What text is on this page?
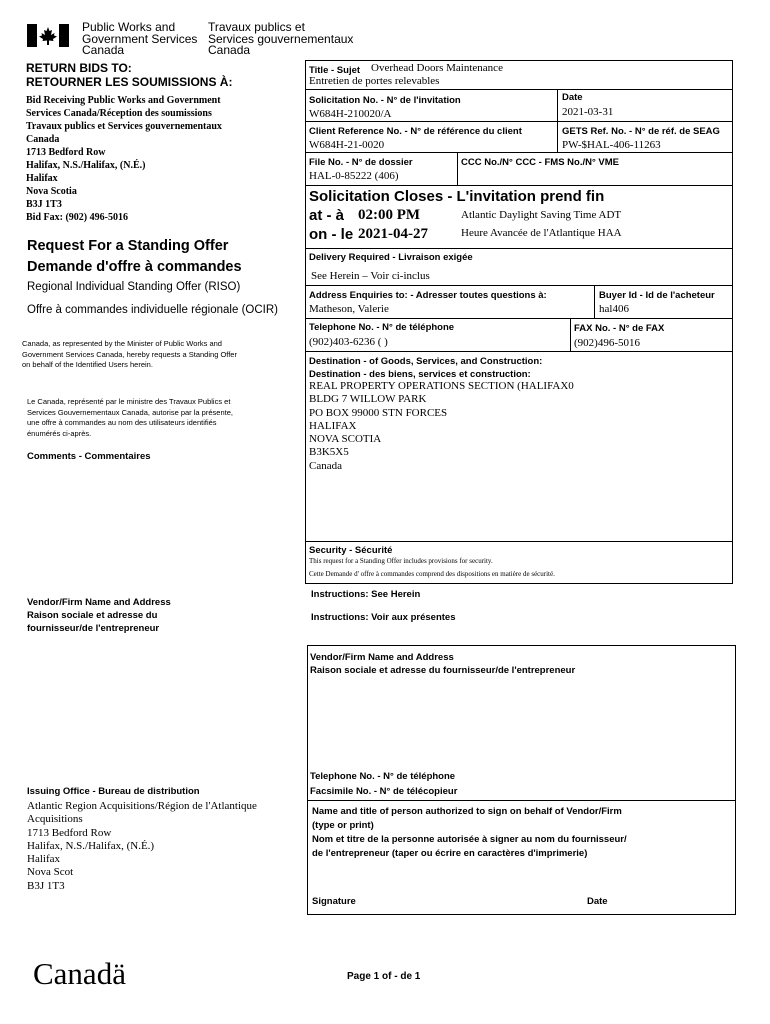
Public Works and
Government Services
Canada
Travaux publics et
Services gouvernementaux
Canada
RETURN BIDS TO:
RETOURNER LES SOUMISSIONS À:
Bid Receiving Public Works and Government
Services Canada/Réception des soumissions
Travaux publics et Services gouvernementaux
Canada
1713 Bedford Row
Halifax, N.S./Halifax, (N.É.)
Halifax
Nova Scotia
B3J 1T3
Bid Fax: (902) 496-5016
Request For a Standing Offer
Demande d'offre à commandes
Regional Individual Standing Offer (RISO)
Offre à commandes individuelle régionale (OCIR)
Canada, as represented by the Minister of Public Works and
Government Services Canada, hereby requests a Standing Offer
on behalf of the Identified Users herein.
Le Canada, représenté par le ministre des Travaux Publics et
Services Gouvernementaux Canada, autorise par la présente,
une offre à commandes au nom des utilisateurs identifiés
énumérés ci-après.
Comments - Commentaires
Vendor/Firm Name and Address
Raison sociale et adresse du
fournisseur/de l'entrepreneur
Issuing Office - Bureau de distribution
Atlantic Region Acquisitions/Région de l'Atlantique
Acquisitions
1713 Bedford Row
Halifax, N.S./Halifax, (N.É.)
Halifax
Nova Scot
B3J 1T3
Title - Sujet Overhead Doors Maintenance
Entretien de portes relevables
Solicitation No. - N° de l'invitation
W684H-210020/A
Date
2021-03-31
Client Reference No. - N° de référence du client
W684H-21-0020
GETS Ref. No. - N° de réf. de SEAG
PW-$HAL-406-11263
File No. - N° de dossier
HAL-0-85222 (406)
CCC No./N° CCC - FMS No./N° VME
Solicitation Closes - L'invitation prend fin
at - à 02:00 PM
on - le 2021-04-27
Atlantic Daylight Saving Time ADT
Heure Avancée de l'Atlantique HAA
Delivery Required - Livraison exigée
See Herein – Voir ci-inclus
Address Enquiries to: - Adresser toutes questions à:
Matheson, Valerie
Buyer Id - Id de l'acheteur
hal406
Telephone No. - N° de téléphone
(902)403-6236 ( )
FAX No. - N° de FAX
(902)496-5016
Destination - of Goods, Services, and Construction:
Destination - des biens, services et construction:
REAL PROPERTY OPERATIONS SECTION (HALIFAX0
BLDG 7 WILLOW PARK
PO BOX 99000 STN FORCES
HALIFAX
NOVA SCOTIA
B3K5X5
Canada
Security - Sécurité
This request for a Standing Offer includes provisions for security.
Cette Demande d' offre à commandes comprend des dispositions en matière de sécurité.
Instructions: See Herein
Instructions: Voir aux présentes
Vendor/Firm Name and Address
Raison sociale et adresse du fournisseur/de l'entrepreneur
Telephone No. - N° de téléphone
Facsimile No. - N° de télécopieur
Name and title of person authorized to sign on behalf of Vendor/Firm
(type or print)
Nom et titre de la personne autorisée à signer au nom du fournisseur/
de l'entrepreneur (taper ou écrire en caractères d'imprimerie)
Signature	Date
Canadä	Page 1 of - de 1
